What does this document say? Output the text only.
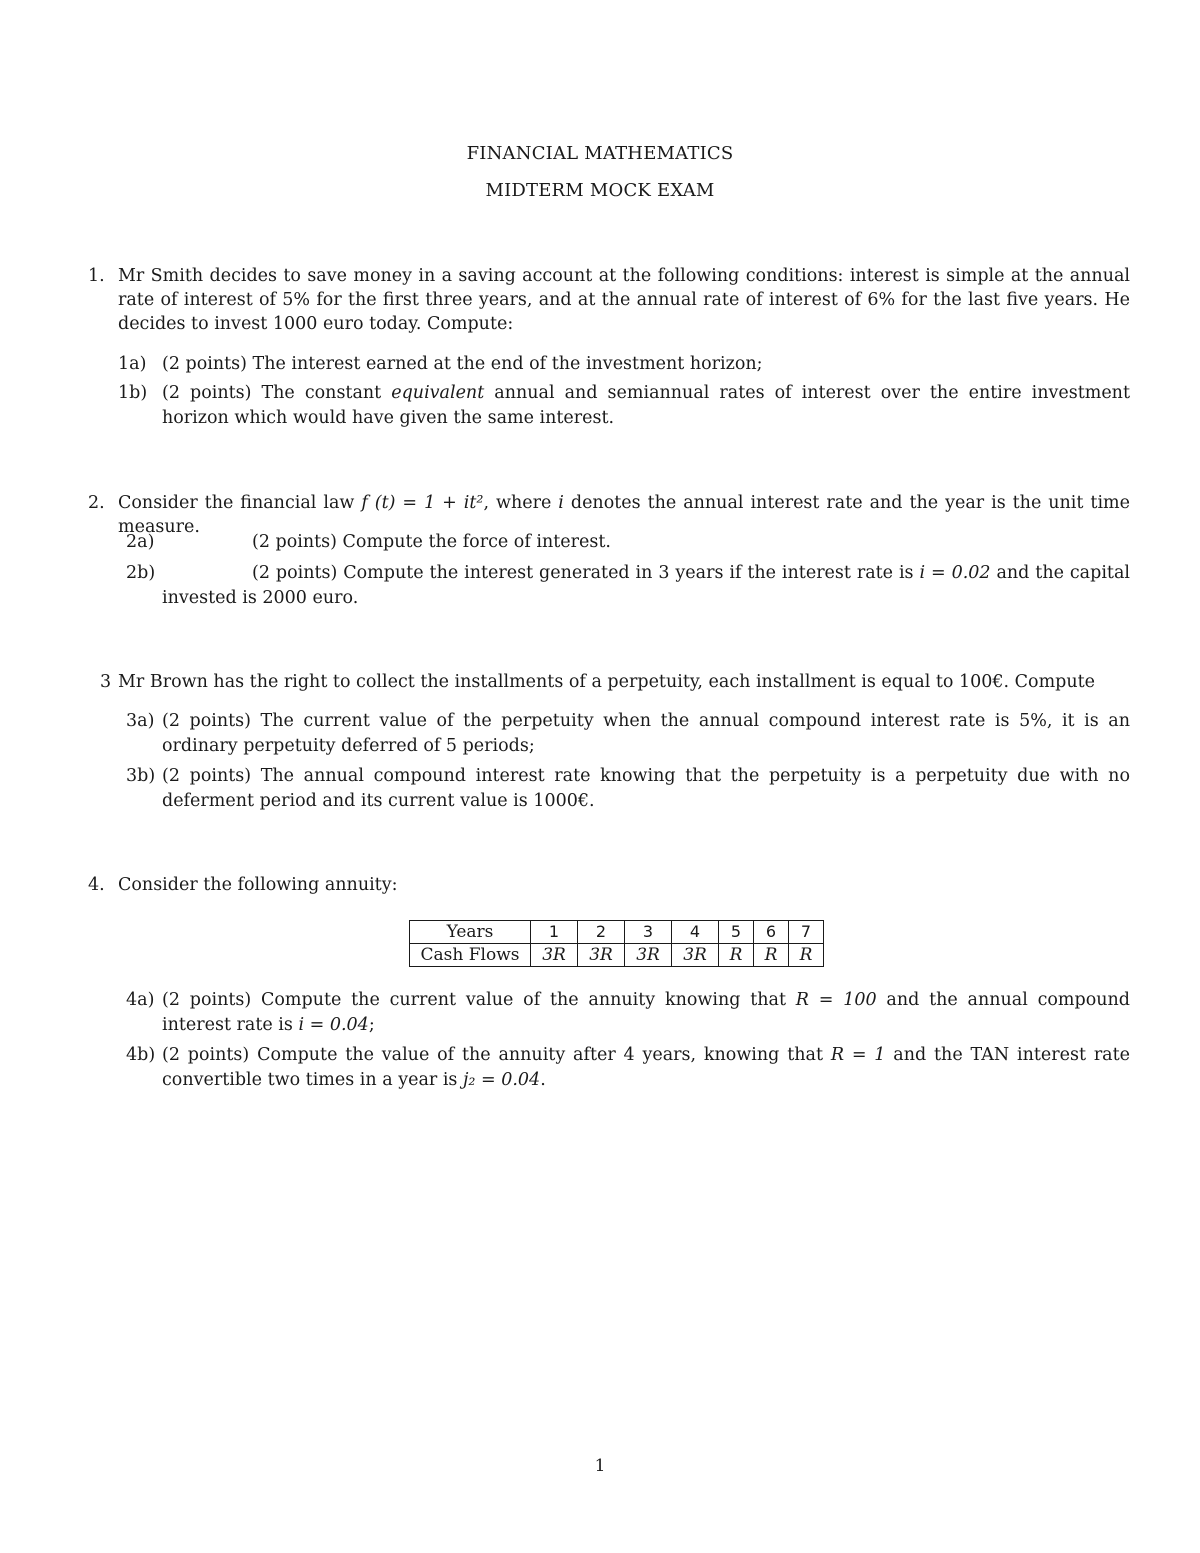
FINANCIAL MATHEMATICS
MIDTERM MOCK EXAM
1. Mr Smith decides to save money in a saving account at the following conditions: interest is simple at the annual rate of interest of 5% for the first three years, and at the annual rate of interest of 6% for the last five years. He decides to invest 1000 euro today. Compute:
1a) (2 points) The interest earned at the end of the investment horizon;
1b) (2 points) The constant equivalent annual and semiannual rates of interest over the entire investment horizon which would have given the same interest.
2. Consider the financial law f (t) = 1 + it², where i denotes the annual interest rate and the year is the unit time measure.
2a)	(2 points) Compute the force of interest.
2b)	(2 points) Compute the interest generated in 3 years if the interest rate is i = 0.02 and the capital invested is 2000 euro.
3 Mr Brown has the right to collect the installments of a perpetuity, each installment is equal to 100€. Compute
3a) (2 points) The current value of the perpetuity when the annual compound interest rate is 5%, it is an ordinary perpetuity deferred of 5 periods;
3b) (2 points) The annual compound interest rate knowing that the perpetuity is a perpetuity due with no deferment period and its current value is 1000€.
4. Consider the following annuity:
Years	1	2	3	4	5	6	7
Cash Flows	3R	3R	3R	3R	R	R	R
4a) (2 points) Compute the current value of the annuity knowing that R = 100 and the annual compound interest rate is i = 0.04;
4b) (2 points) Compute the value of the annuity after 4 years, knowing that R = 1 and the TAN interest rate convertible two times in a year is j₂ = 0.04.
1
